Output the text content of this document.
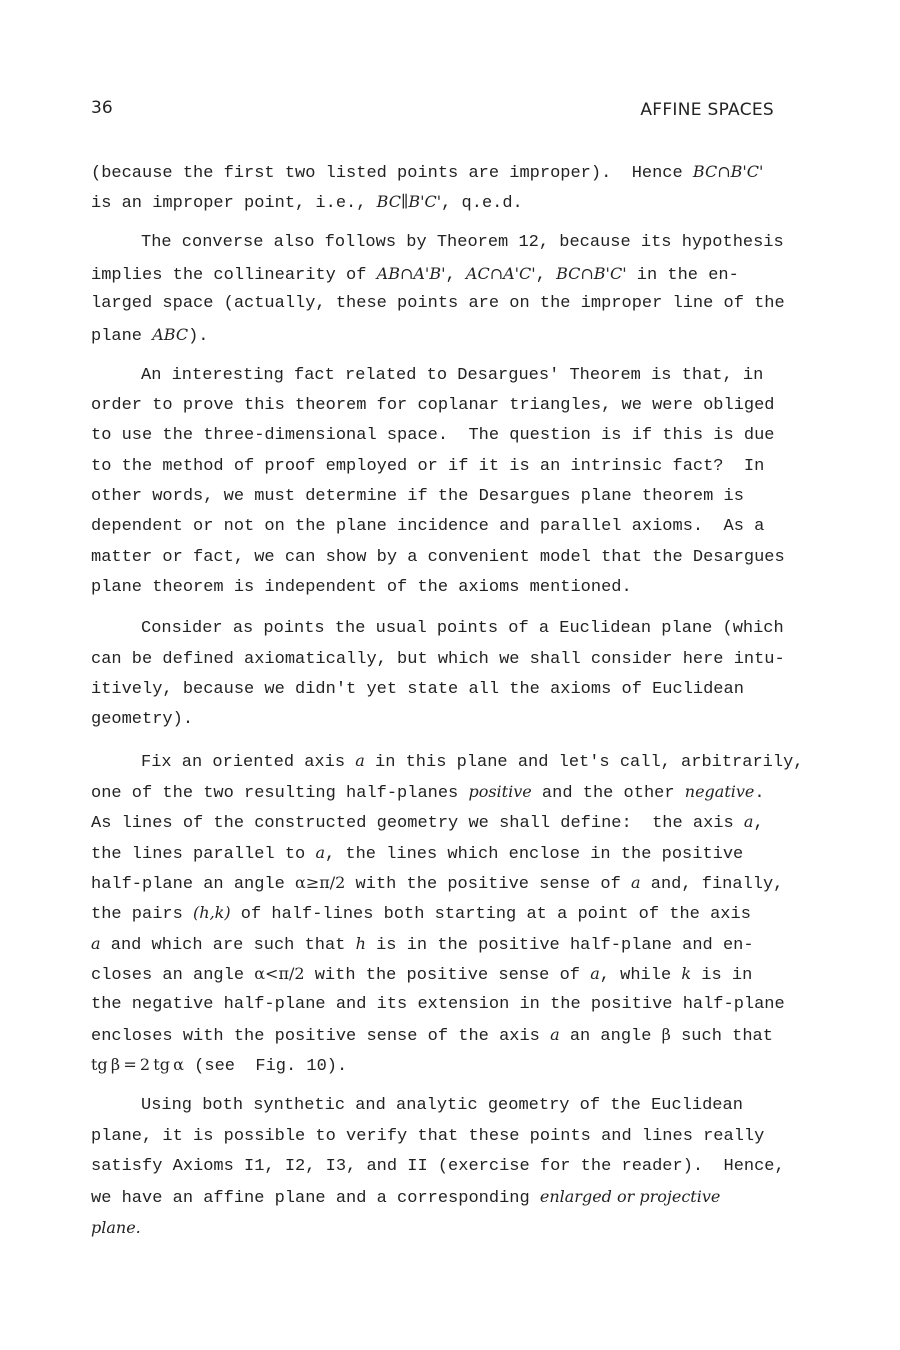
36	AFFINE SPACES
(because the first two listed points are improper).  Hence BC∩B'C'
is an improper point, i.e., BC∥B'C', q.e.d.
The converse also follows by Theorem 12, because its hypothesis
implies the collinearity of AB∩A'B', AC∩A'C', BC∩B'C' in the en-
larged space (actually, these points are on the improper line of the
plane ABC).
An interesting fact related to Desargues' Theorem is that, in
order to prove this theorem for coplanar triangles, we were obliged
to use the three-dimensional space.  The question is if this is due
to the method of proof employed or if it is an intrinsic fact?  In
other words, we must determine if the Desargues plane theorem is
dependent or not on the plane incidence and parallel axioms.  As a
matter or fact, we can show by a convenient model that the Desargues
plane theorem is independent of the axioms mentioned.
Consider as points the usual points of a Euclidean plane (which
can be defined axiomatically, but which we shall consider here intu-
itively, because we didn't yet state all the axioms of Euclidean
geometry).
Fix an oriented axis a in this plane and let's call, arbitrarily,
one of the two resulting half-planes positive and the other negative.
As lines of the constructed geometry we shall define:  the axis a,
the lines parallel to a, the lines which enclose in the positive
half-plane an angle α≥π/2 with the positive sense of a and, finally,
the pairs (h,k) of half-lines both starting at a point of the axis
a and which are such that h is in the positive half-plane and en-
closes an angle α<π/2 with the positive sense of a, while k is in
the negative half-plane and its extension in the positive half-plane
encloses with the positive sense of the axis a an angle β such that
tg β = 2 tg α (see  Fig. 10).
Using both synthetic and analytic geometry of the Euclidean
plane, it is possible to verify that these points and lines really
satisfy Axioms I1, I2, I3, and II (exercise for the reader).  Hence,
we have an affine plane and a corresponding enlarged or projective
plane.
